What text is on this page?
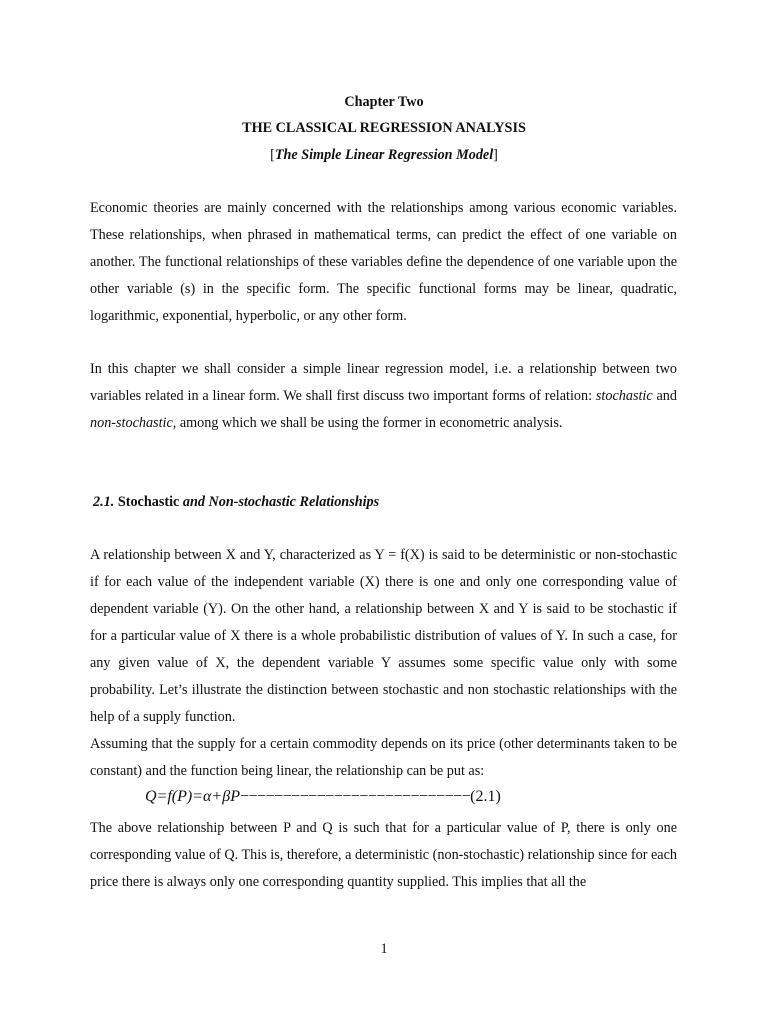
Chapter Two
THE CLASSICAL REGRESSION ANALYSIS
[The Simple Linear Regression Model]

Economic theories are mainly concerned with the relationships among various economic variables. These relationships, when phrased in mathematical terms, can predict the effect of one variable on another. The functional relationships of these variables define the dependence of one variable upon the other variable (s) in the specific form. The specific functional forms may be linear, quadratic, logarithmic, exponential, hyperbolic, or any other form.

In this chapter we shall consider a simple linear regression model, i.e. a relationship between two variables related in a linear form. We shall first discuss two important forms of relation: stochastic and non-stochastic, among which we shall be using the former in econometric analysis.

2.1. Stochastic and Non-stochastic Relationships

A relationship between X and Y, characterized as Y = f(X) is said to be deterministic or non-stochastic if for each value of the independent variable (X) there is one and only one corresponding value of dependent variable (Y). On the other hand, a relationship between X and Y is said to be stochastic if for a particular value of X there is a whole probabilistic distribution of values of Y. In such a case, for any given value of X, the dependent variable Y assumes some specific value only with some probability. Let’s illustrate the distinction between stochastic and non stochastic relationships with the help of a supply function.

Assuming that the supply for a certain commodity depends on its price (other determinants taken to be constant) and the function being linear, the relationship can be put as:

Q=f(P)=α+βP−−−−−−−−−−−−−−−−−−−−−−−−−−−(2.1)

The above relationship between P and Q is such that for a particular value of P, there is only one corresponding value of Q. This is, therefore, a deterministic (non-stochastic) relationship since for each price there is always only one corresponding quantity supplied. This implies that all the

1
